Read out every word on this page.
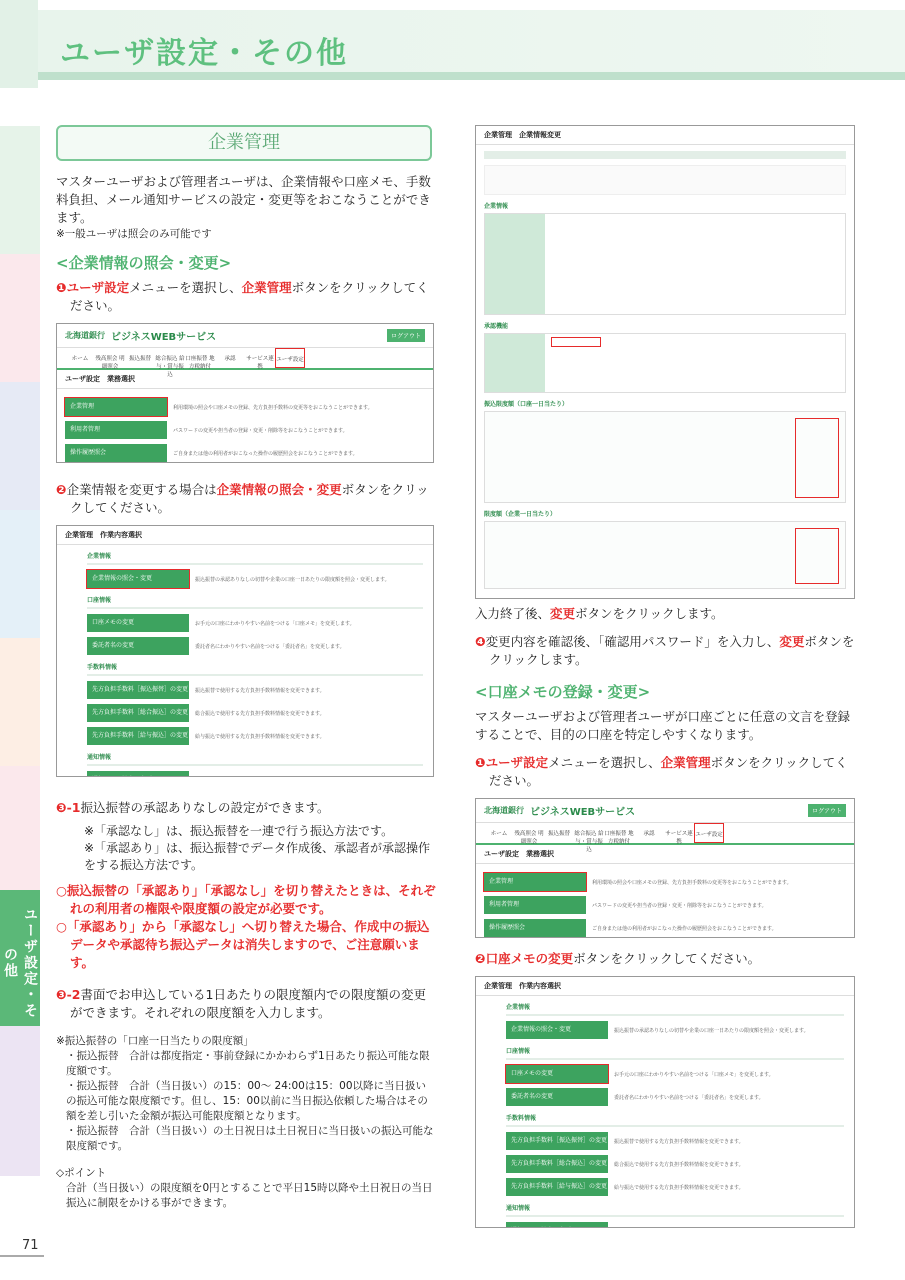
ユーザ設定・その他
ユーザ設定・その他
71
企業管理

マスターユーザおよび管理者ユーザは、企業情報や口座メモ、手数料負担、メール通知サービスの設定・変更等をおこなうことができます。

※一般ユーザは照会のみ可能です

<企業情報の照会・変更>

❶ユーザ設定メニューを選択し、企業管理ボタンをクリックしてください。

北海道銀行 ビジネスWEBサービス	ログアウト
ホーム	残高照会 明細照会
振込振替 総合振込 給与・賞与振込
口座振替 地方税納付
承認	サービス連携
ユーザ設定
ユーザ設定　業務選択
企業管理	利用環境の照会や口座メモの登録、先方負担手数料の変更等をおこなうことができます。
利用者管理	パスワードの変更や担当者の登録・変更・削除等をおこなうことができます。
操作履歴照会	ご自身または他の利用者がおこなった操作の履歴照会をおこなうことができます。

❷企業情報を変更する場合は企業情報の照会・変更ボタンをクリックしてください。

企業管理　作業内容選択
企業情報
企業情報の照会・変更	振込振替の承認ありなしの切替や企業の口座一日あたりの限度額を照会・変更します。
口座情報
口座メモの変更	お手元の口座にわかりやすい名前をつける「口座メモ」を変更します。
委託者名の変更	委託者名にわかりやすい名前をつける「委託者名」を変更します。
手数料情報
先方負担手数料［振込振替］の変更	振込振替で使用する先方負担手数料情報を変更できます。
先方負担手数料［総合振込］の変更	総合振込で使用する先方負担手数料情報を変更できます。
先方負担手数料［給与振込］の変更	給与振込で使用する先方負担手数料情報を変更できます。
通知情報

❸-1振込振替の承認ありなしの設定ができます。

※「承認なし」は、振込振替を一連で行う振込方法です。

※「承認あり」は、振込振替でデータ作成後、承認者が承認操作をする振込方法です。

○振込振替の「承認あり」「承認なし」を切り替えたときは、それぞれの利用者の権限や限度額の設定が必要です。

○「承認あり」から「承認なし」へ切り替えた場合、作成中の振込データや承認待ち振込データは消失しますので、ご注意願います。

❸-2書面でお申込している1日あたりの限度額内での限度額の変更ができます。それぞれの限度額を入力します。

※振込振替の「口座一日当たりの限度額」

・振込振替　合計は都度指定・事前登録にかかわらず1日あたり振込可能な限度額です。

・振込振替　合計（当日扱い）の15：00～ 24:00は15：00以降に当日扱いの振込可能な限度額です。但し、15：00以前に当日振込依頼した場合はその額を差し引いた金額が振込可能限度額となります。

・振込振替　合計（当日扱い）の土日祝日は土日祝日に当日扱いの振込可能な限度額です。

◇ポイント

合計（当日扱い）の限度額を0円とすることで平日15時以降や土日祝日の当日振込に制限をかける事ができます。

企業管理　企業情報変更
企業情報
承認機能
振込限度額（口座一日当たり）
限度額（企業一日当たり）

入力終了後、変更ボタンをクリックします。

❹変更内容を確認後、「確認用パスワード」を入力し、変更ボタンをクリックします。

<口座メモの登録・変更>

マスターユーザおよび管理者ユーザが口座ごとに任意の文言を登録することで、目的の口座を特定しやすくなります。

❶ユーザ設定メニューを選択し、企業管理ボタンをクリックしてください。

北海道銀行 ビジネスWEBサービス	ログアウト
ホーム	残高照会 明細照会
振込振替 総合振込 給与・賞与振込
口座振替 地方税納付
承認	サービス連携
ユーザ設定
ユーザ設定　業務選択
企業管理	利用環境の照会や口座メモの登録、先方負担手数料の変更等をおこなうことができます。
利用者管理	パスワードの変更や担当者の登録・変更・削除等をおこなうことができます。
操作履歴照会	ご自身または他の利用者がおこなった操作の履歴照会をおこなうことができます。

❷口座メモの変更ボタンをクリックしてください。

企業管理　作業内容選択
企業情報
企業情報の照会・変更	振込振替の承認ありなしの切替や企業の口座一日あたりの限度額を照会・変更します。
口座情報
口座メモの変更	お手元の口座にわかりやすい名前をつける「口座メモ」を変更します。
委託者名の変更	委託者名にわかりやすい名前をつける「委託者名」を変更します。
手数料情報
先方負担手数料［振込振替］の変更	振込振替で使用する先方負担手数料情報を変更できます。
先方負担手数料［総合振込］の変更	総合振込で使用する先方負担手数料情報を変更できます。
先方負担手数料［給与振込］の変更	給与振込で使用する先方負担手数料情報を変更できます。
通知情報
